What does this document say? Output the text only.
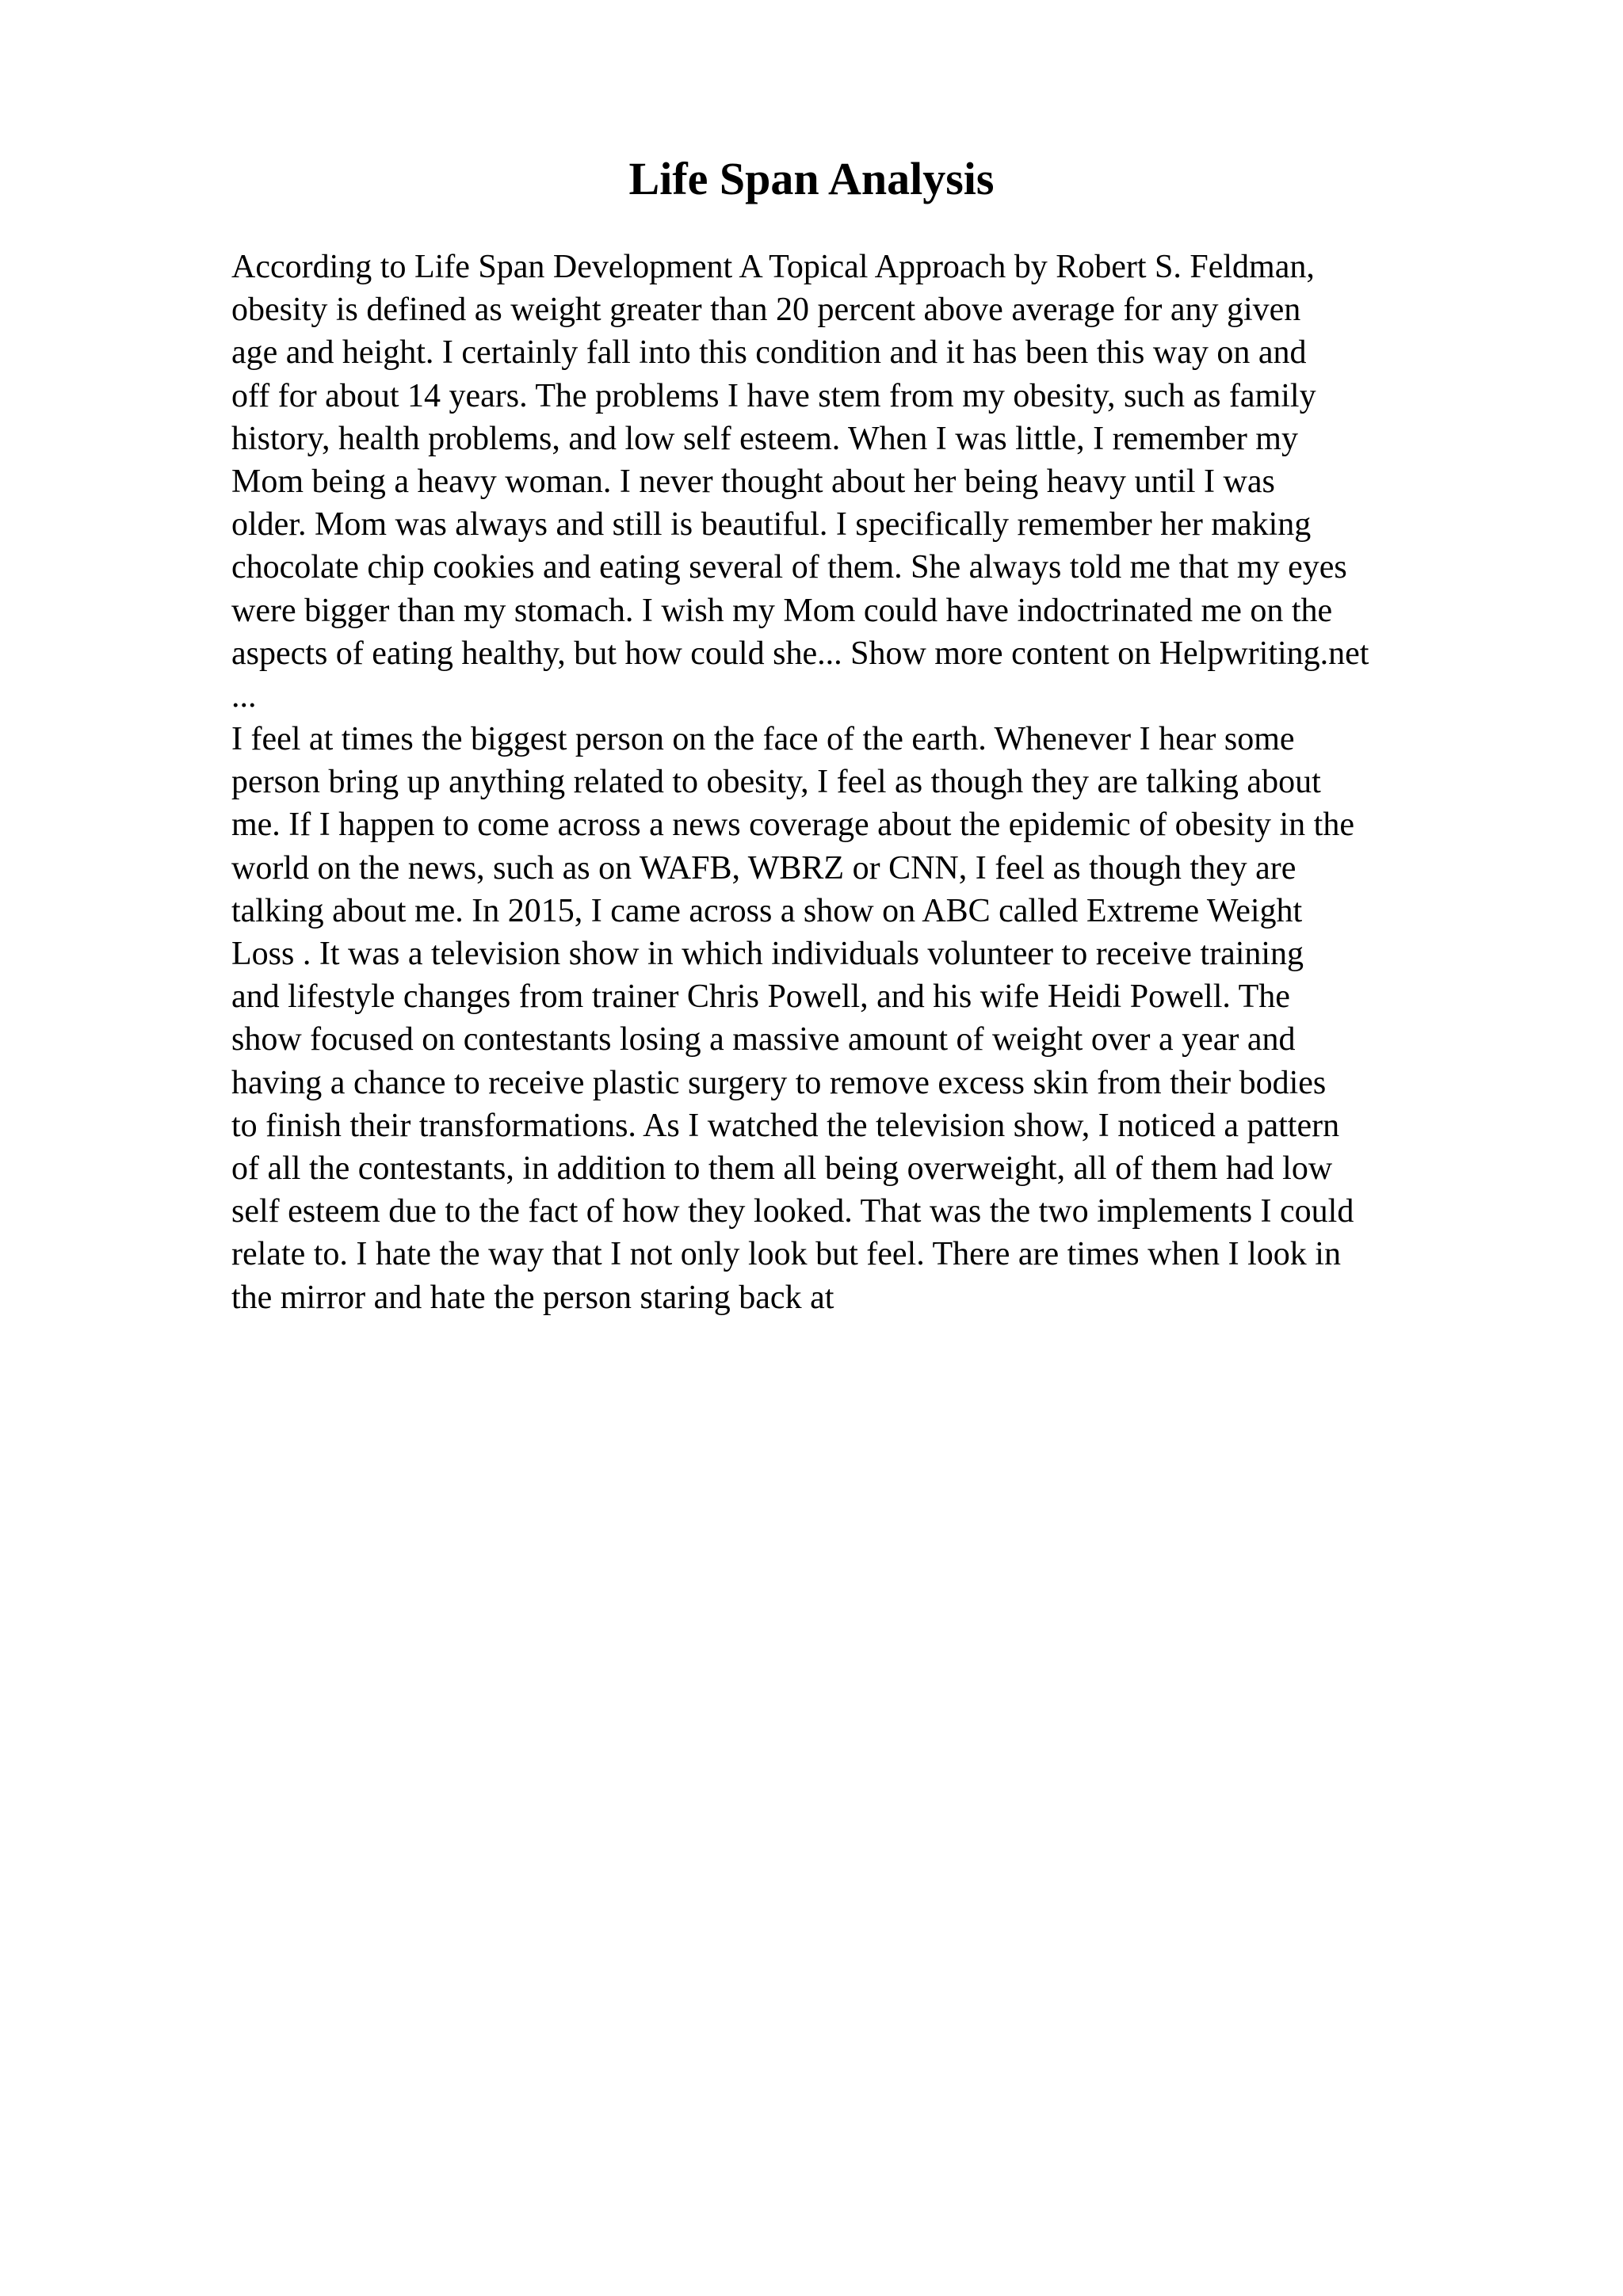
Life Span Analysis
According to Life Span Development A Topical Approach by Robert S. Feldman,
obesity is defined as weight greater than 20 percent above average for any given
age and height. I certainly fall into this condition and it has been this way on and
off for about 14 years. The problems I have stem from my obesity, such as family
history, health problems, and low self esteem. When I was little, I remember my
Mom being a heavy woman. I never thought about her being heavy until I was
older. Mom was always and still is beautiful. I specifically remember her making
chocolate chip cookies and eating several of them. She always told me that my eyes
were bigger than my stomach. I wish my Mom could have indoctrinated me on the
aspects of eating healthy, but how could she... Show more content on Helpwriting.net
...
I feel at times the biggest person on the face of the earth. Whenever I hear some
person bring up anything related to obesity, I feel as though they are talking about
me. If I happen to come across a news coverage about the epidemic of obesity in the
world on the news, such as on WAFB, WBRZ or CNN, I feel as though they are
talking about me. In 2015, I came across a show on ABC called Extreme Weight
Loss . It was a television show in which individuals volunteer to receive training
and lifestyle changes from trainer Chris Powell, and his wife Heidi Powell. The
show focused on contestants losing a massive amount of weight over a year and
having a chance to receive plastic surgery to remove excess skin from their bodies
to finish their transformations. As I watched the television show, I noticed a pattern
of all the contestants, in addition to them all being overweight, all of them had low
self esteem due to the fact of how they looked. That was the two implements I could
relate to. I hate the way that I not only look but feel. There are times when I look in
the mirror and hate the person staring back at
